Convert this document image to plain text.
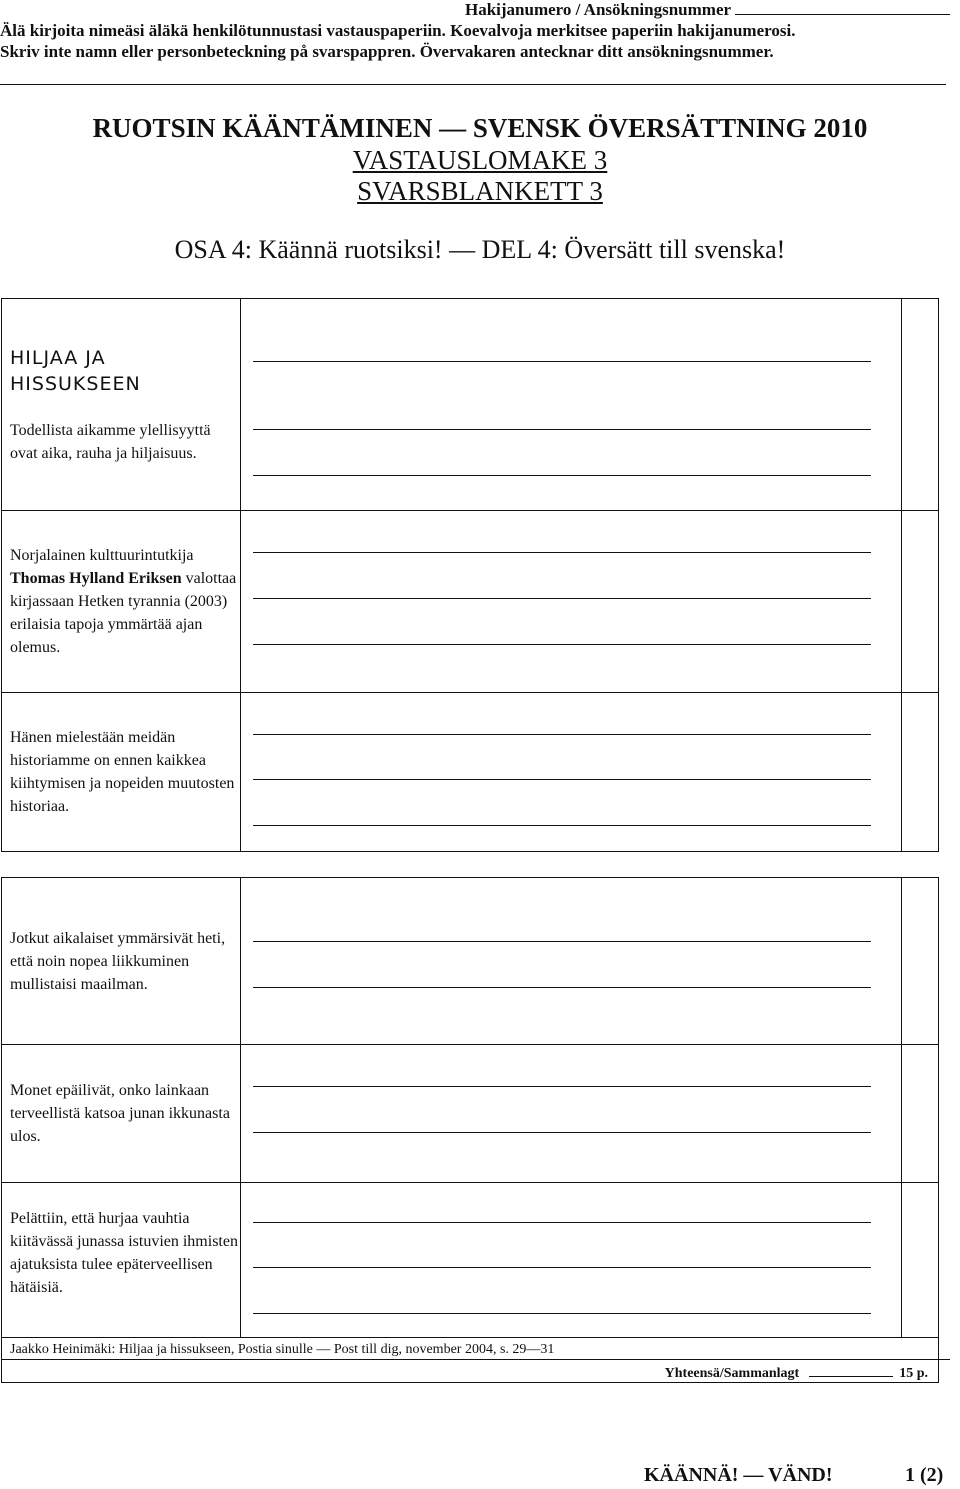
Hakijanumero / Ansökningsnummer
Älä kirjoita nimeäsi äläkä henkilötunnustasi vastauspaperiin. Koevalvoja merkitsee paperiin hakijanumerosi.
Skriv inte namn eller personbeteckning på svarspappren. Övervakaren antecknar ditt ansökningsnummer.
RUOTSIN KÄÄNTÄMINEN — SVENSK ÖVERSÄTTNING 2010
VASTAUSLOMAKE 3
SVARSBLANKETT 3
OSA 4: Käännä ruotsiksi! — DEL 4: Översätt till svenska!
HILJAA JA
HISSUKSEEN
Todellista aikamme ylellisyyttä ovat aika, rauha ja hiljaisuus.		

Norjalainen kulttuurintutkija Thomas Hylland Eriksen valottaa kirjassaan Hetken tyrannia (2003) erilaisia tapoja ymmärtää ajan olemus.	

Hänen mielestään meidän historiamme on ennen kaikkea kiihtymisen ja nopeiden muutosten historiaa.		

Jotkut aikalaiset ymmärsivät heti, että noin nopea liikkuminen mullistaisi maailman.		

Monet epäilivät, onko lainkaan terveellistä katsoa junan ikkunasta ulos.		

Pelättiin, että hurjaa vauhtia kiitävässä junassa istuvien ihmisten ajatuksista tulee epäterveellisen hätäisiä.		

Jaakko Heinimäki: Hiljaa ja hissukseen, Postia sinulle — Post till dig, november 2004, s. 29—31
Yhteensä/Sammanlagt 15 p.		
KÄÄNNÄ! — VÄND!	1 (2)
